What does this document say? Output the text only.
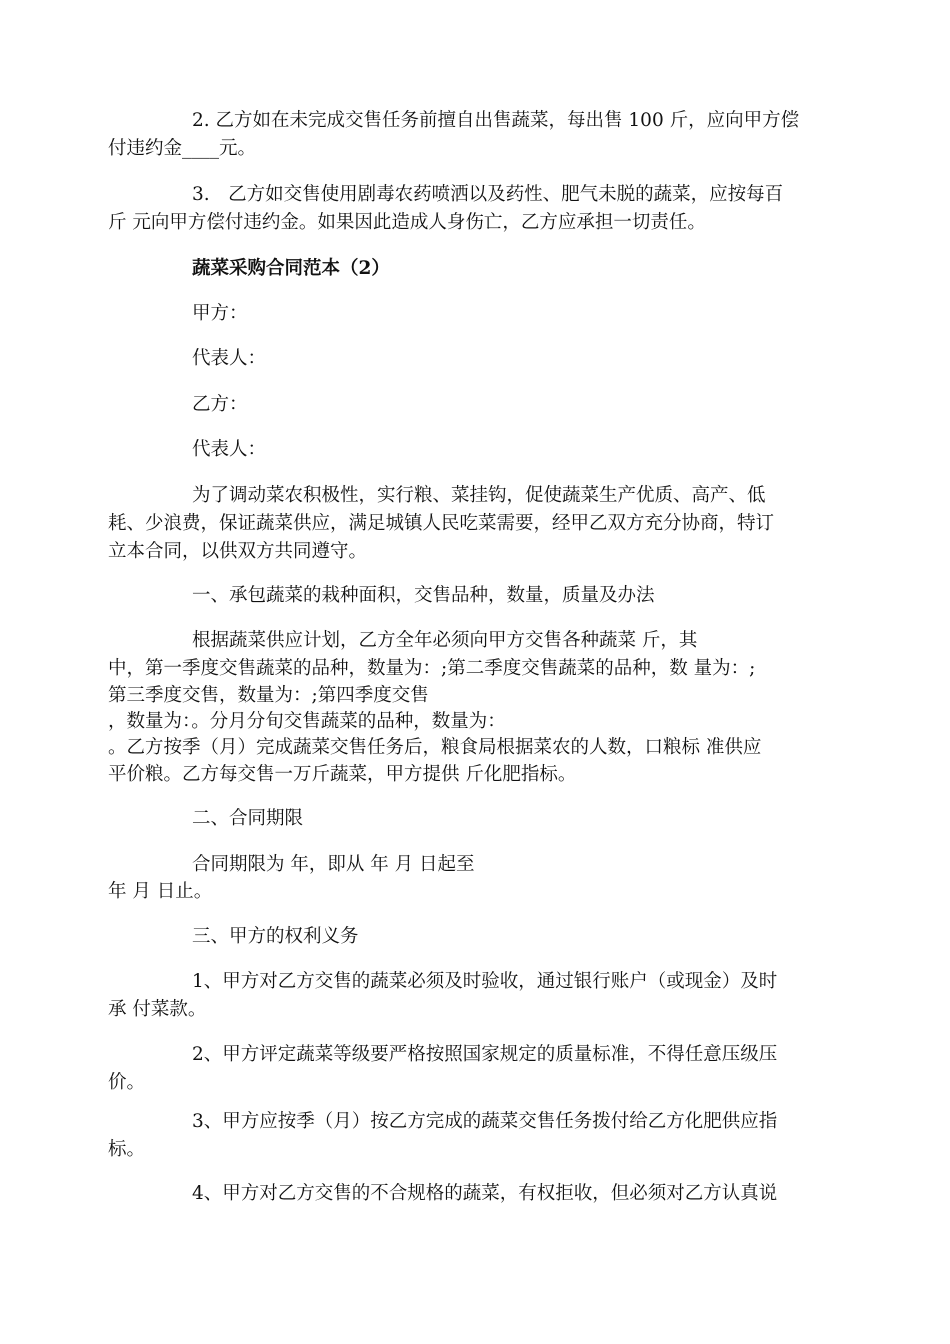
2. 乙方如在未完成交售任务前擅自出售蔬菜，每出售 100 斤，应向甲方偿

付违约金____元。

3.　乙方如交售使用剧毒农药喷洒以及药性、肥气未脱的蔬菜，应按每百

斤 元向甲方偿付违约金。如果因此造成人身伤亡，乙方应承担一切责任。

蔬菜采购合同范本（2）

甲方：

代表人：

乙方：

代表人：

为了调动菜农积极性，实行粮、菜挂钩，促使蔬菜生产优质、高产、低

耗、少浪费，保证蔬菜供应，满足城镇人民吃菜需要，经甲乙双方充分协商，特订

立本合同，以供双方共同遵守。

一、承包蔬菜的栽种面积，交售品种，数量，质量及办法

根据蔬菜供应计划，乙方全年必须向甲方交售各种蔬菜 斤，其

中，第一季度交售蔬菜的品种，数量为：;第二季度交售蔬菜的品种，数 量为：;

第三季度交售，数量为：;第四季度交售

，数量为：。分月分旬交售蔬菜的品种，数量为：

。乙方按季（月）完成蔬菜交售任务后，粮食局根据菜农的人数，口粮标 准供应

平价粮。乙方每交售一万斤蔬菜，甲方提供 斤化肥指标。

二、合同期限

合同期限为 年，即从 年 月 日起至

年 月 日止。

三、甲方的权利义务

1、甲方对乙方交售的蔬菜必须及时验收，通过银行账户（或现金）及时

承 付菜款。

2、甲方评定蔬菜等级要严格按照国家规定的质量标准，不得任意压级压

价。

3、甲方应按季（月）按乙方完成的蔬菜交售任务拨付给乙方化肥供应指

标。

4、甲方对乙方交售的不合规格的蔬菜，有权拒收，但必须对乙方认真说
